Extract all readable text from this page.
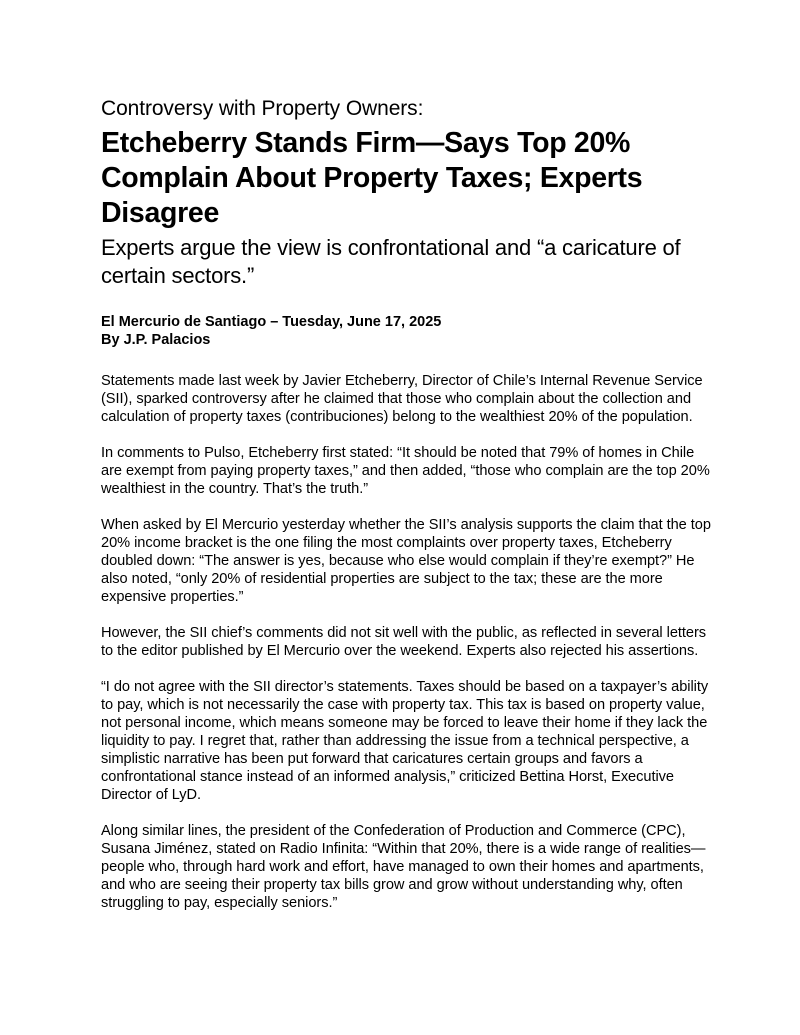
Controversy with Property Owners:
Etcheberry Stands Firm—Says Top 20% Complain About Property Taxes; Experts Disagree
Experts argue the view is confrontational and “a caricature of certain sectors.”
El Mercurio de Santiago – Tuesday, June 17, 2025
By J.P. Palacios

Statements made last week by Javier Etcheberry, Director of Chile’s Internal Revenue Service (SII), sparked controversy after he claimed that those who complain about the collection and calculation of property taxes (contribuciones) belong to the wealthiest 20% of the population.

In comments to Pulso, Etcheberry first stated: “It should be noted that 79% of homes in Chile are exempt from paying property taxes,” and then added, “those who complain are the top 20% wealthiest in the country. That’s the truth.”

When asked by El Mercurio yesterday whether the SII’s analysis supports the claim that the top 20% income bracket is the one filing the most complaints over property taxes, Etcheberry doubled down: “The answer is yes, because who else would complain if they’re exempt?” He also noted, “only 20% of residential properties are subject to the tax; these are the more expensive properties.”

However, the SII chief’s comments did not sit well with the public, as reflected in several letters to the editor published by El Mercurio over the weekend. Experts also rejected his assertions.

“I do not agree with the SII director’s statements. Taxes should be based on a taxpayer’s ability to pay, which is not necessarily the case with property tax. This tax is based on property value, not personal income, which means someone may be forced to leave their home if they lack the liquidity to pay. I regret that, rather than addressing the issue from a technical perspective, a simplistic narrative has been put forward that caricatures certain groups and favors a confrontational stance instead of an informed analysis,” criticized Bettina Horst, Executive Director of LyD.

Along similar lines, the president of the Confederation of Production and Commerce (CPC), Susana Jiménez, stated on Radio Infinita: “Within that 20%, there is a wide range of realities—people who, through hard work and effort, have managed to own their homes and apartments, and who are seeing their property tax bills grow and grow without understanding why, often struggling to pay, especially seniors.”
